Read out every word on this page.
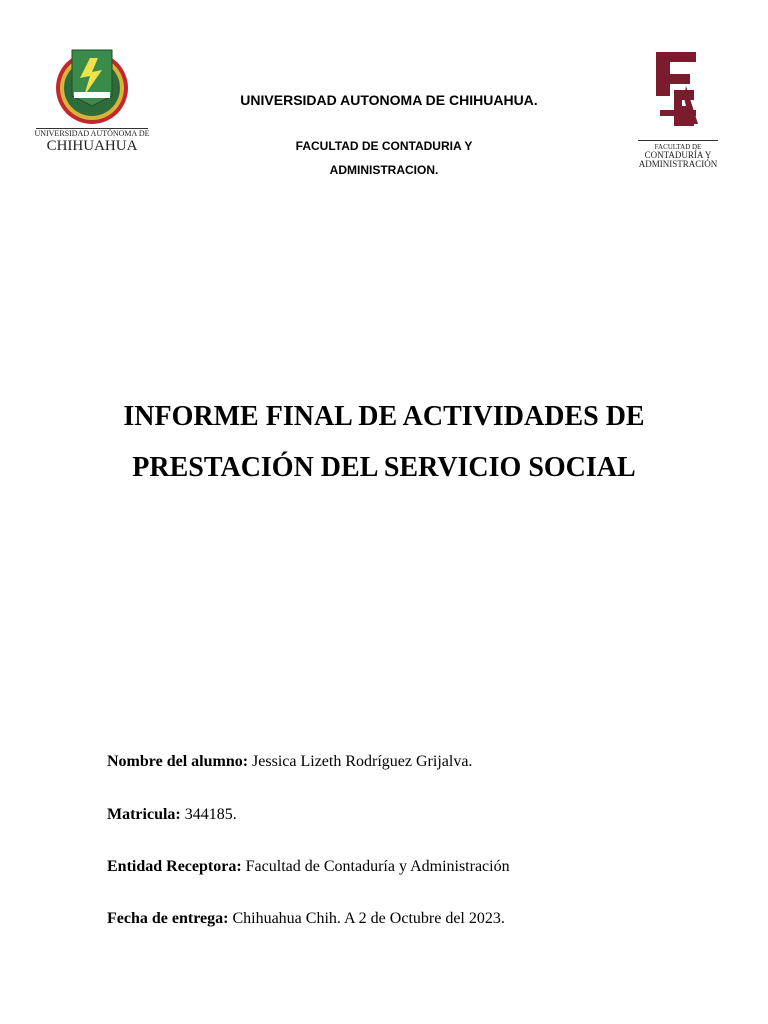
UNIVERSIDAD AUTÓNOMA DE
CHIHUAHUA
FCA
FACULTAD DE
CONTADURÍA Y
ADMINISTRACIÓN
UNIVERSIDAD AUTONOMA DE CHIHUAHUA.
FACULTAD DE CONTADURIA Y
ADMINISTRACION.
INFORME FINAL DE ACTIVIDADES DE
PRESTACIÓN DEL SERVICIO SOCIAL
Nombre del alumno: Jessica Lizeth Rodríguez Grijalva.
Matricula: 344185.
Entidad Receptora: Facultad de Contaduría y Administración
Fecha de entrega: Chihuahua Chih. A 2 de Octubre del 2023.
